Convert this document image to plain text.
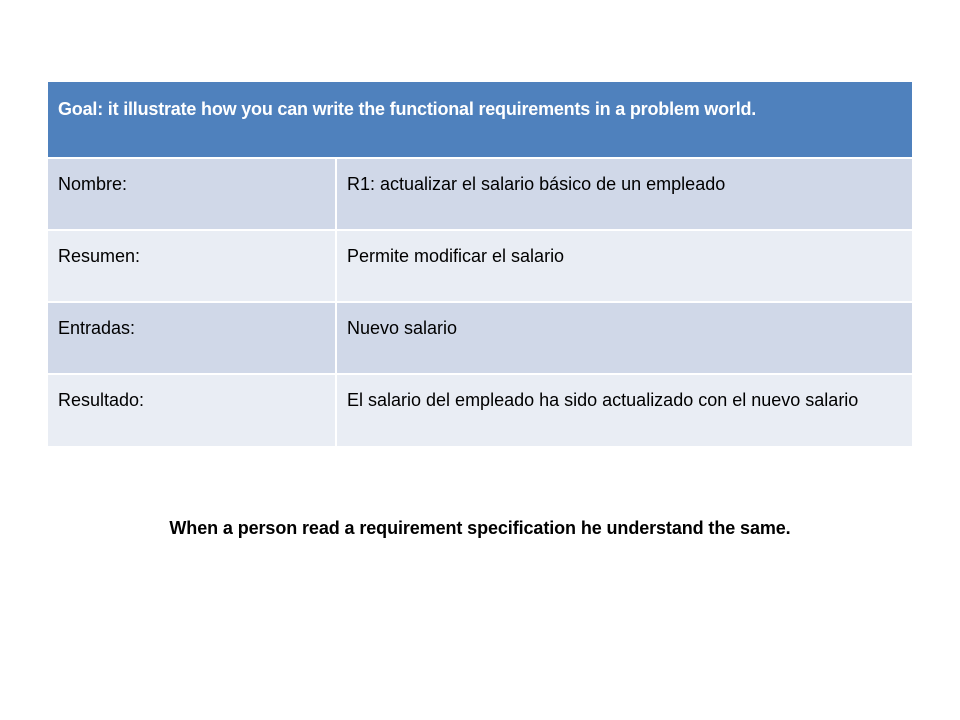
Goal: it illustrate how you can write the functional requirements in a problem world.	
Nombre:	R1: actualizar el salario básico de un empleado
Resumen:	Permite modificar el salario
Entradas:	Nuevo salario
Resultado:	El salario del empleado ha sido actualizado con el nuevo salario
When a person read a requirement specification he understand the same.
